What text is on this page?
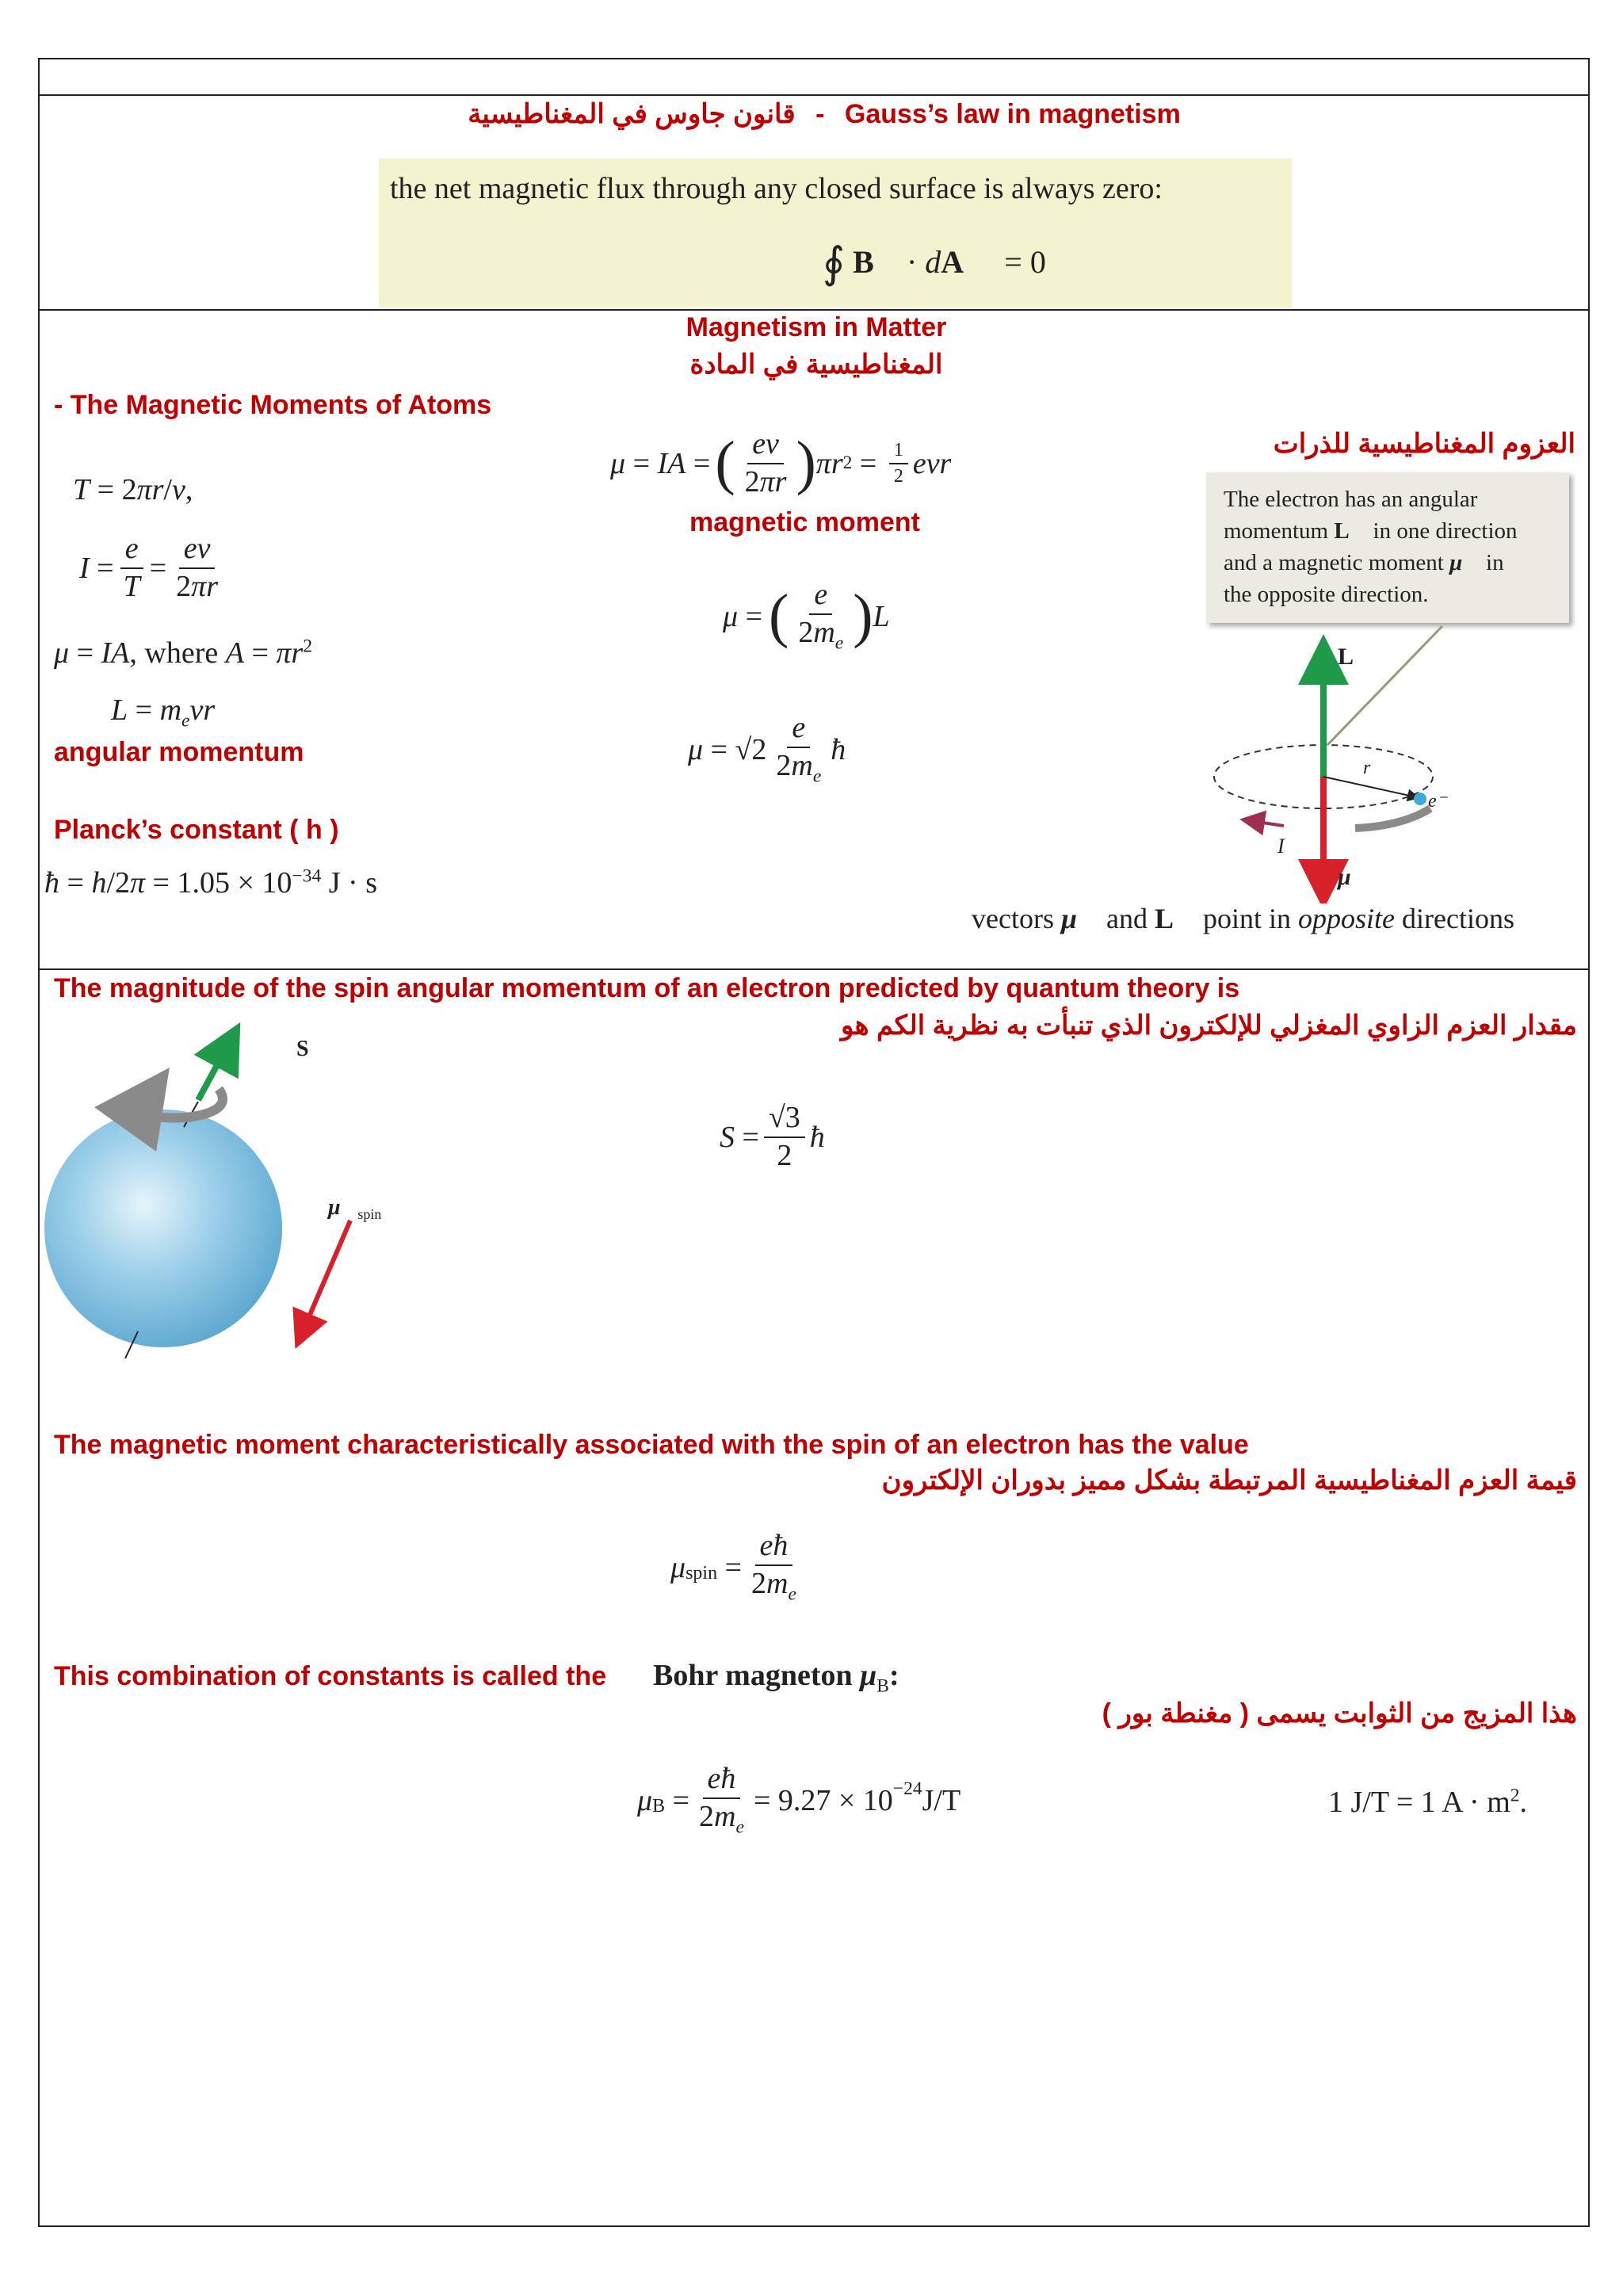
قانون جاوس في المغناطيسية - Gauss’s law in magnetism
the net magnetic flux through any closed surface is always zero:
∮ B⃗ · dA⃗  = 0
Magnetism in Matter
المغناطيسية في المادة
- The Magnetic Moments of Atoms
العزوم المغناطيسية للذرات
T = 2πr/v,
$I = \frac{e}{T} = \frac{ev}{2\pi r}$
μ = IA, where $A = \pi r^2$
$L = m_evr$
angular momentum
Planck’s constant ( h )
ħ = $h/2\pi = 1.05 \times 10^{-34}$ J · s
μ = IA = ( $\frac{ev}{2\pi r}$ ) πr $2 = \frac{1}{2}$ evr
magnetic moment
μ = ( $\frac{e}{2m_e}$ ) L
$\mu = √2 \frac{e}{2m_e}$ ħ
The electron has an angular
momentum L⃗ in one direction
and a magnetic moment μ⃗ in
the opposite direction.
L⃗
μ⃗
r
e⁻
I
vectors μ⃗ and L⃗ point in opposite directions
The magnitude of the spin angular momentum of an electron predicted by quantum theory is
مقدار العزم الزاوي المغزلي للإلكترون الذي تنبأت به نظرية الكم هو
S⃗
$\mu⃗_{spin}$
$S = \frac{√3}{2}$ ħ
The magnetic moment characteristically associated with the spin of an electron has the value
قيمة العزم المغناطيسية المرتبطة بشكل مميز بدوران الإلكترون
$\mu_{spin} = \frac{eħ}{2m_e}$
This combination of constants is called the Bohr magneton $\mu_B$:
هذا المزيج من الثوابت يسمى ( مغنطة بور )
$\mu_B = \frac{eħ}{2m_e} = 9.27 \times 10^{-24}$ J/T	1 J/T = 1 $A \cdot m^2$.
